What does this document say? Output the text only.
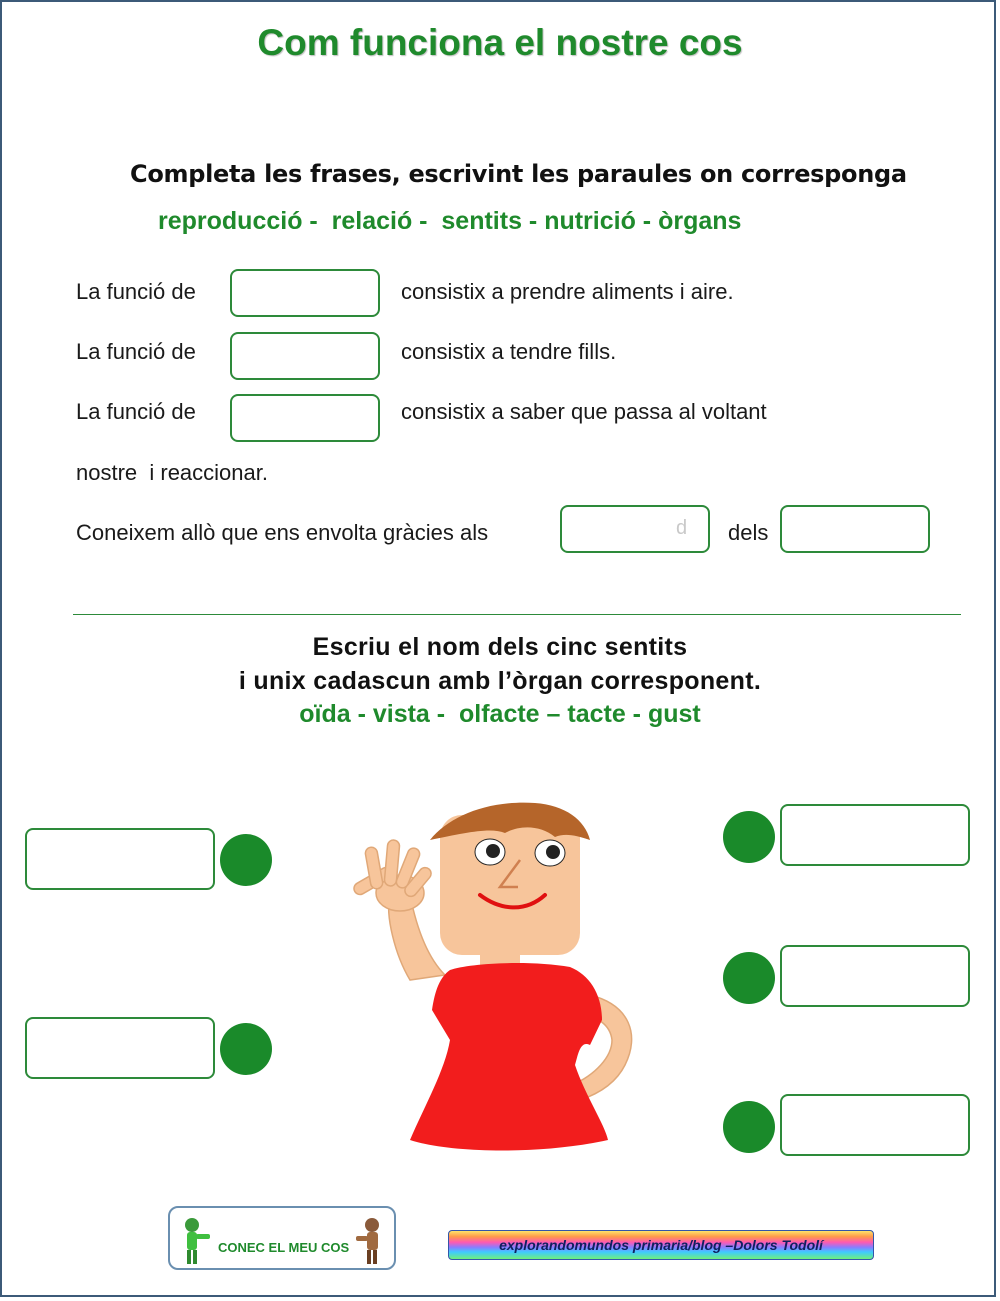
Com funciona el nostre cos
Completa les frases, escrivint les paraules on corresponga
reproducció -  relació -  sentits - nutrició - òrgans
La funció de	consistix a prendre aliments i aire.
La funció de	consistix a tendre fills.
La funció de	consistix a saber que passa al voltant
nostre  i reaccionar.
Coneixem allò que ens envolta gràcies als	d dels
Escriu el nom dels cinc sentits
i unix cadascun amb l’òrgan corresponent.
oïda - vista -  olfacte – tacte - gust
CONEC EL MEU COS	explorandomundos primaria/blog –Dolors Todolí
